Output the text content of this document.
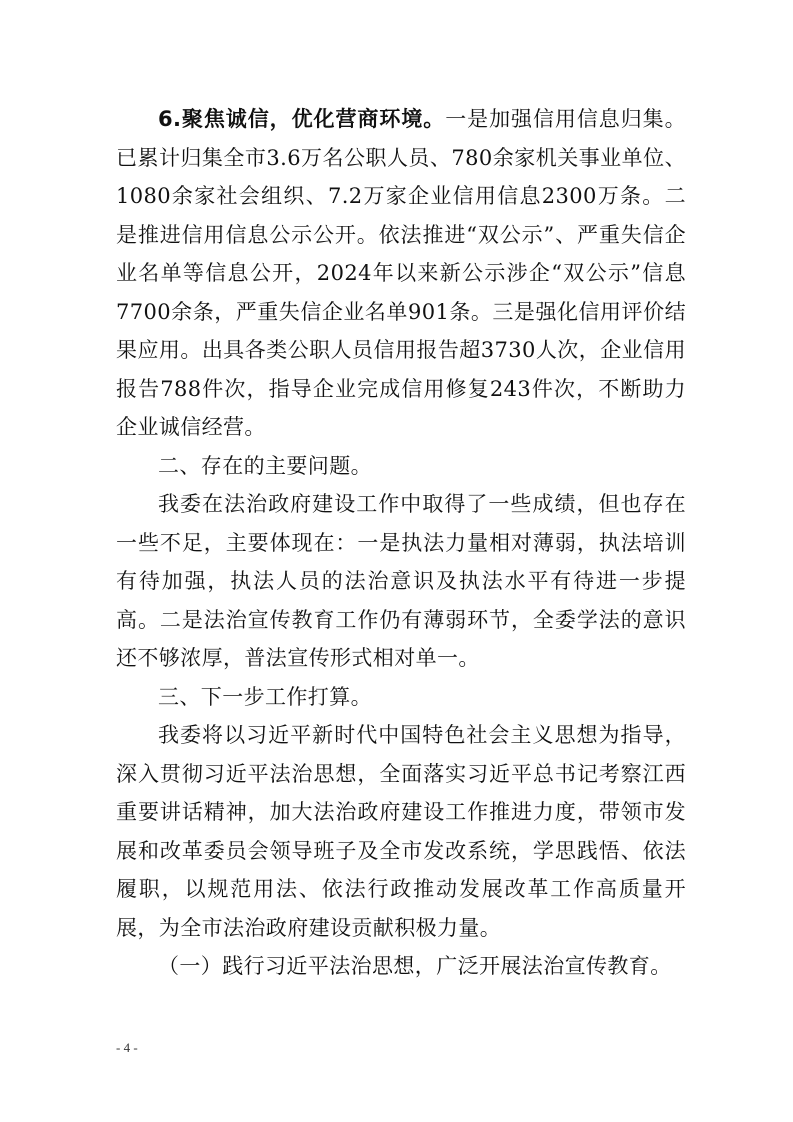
6.聚焦诚信，优化营商环境。一是加强信用信息归集。已累计归集全市3.6万名公职人员、780余家机关事业单位、1080余家社会组织、7.2万家企业信用信息2300万条。二是推进信用信息公示公开。依法推进“双公示”、严重失信企业名单等信息公开，2024年以来新公示涉企“双公示”信息7700余条，严重失信企业名单901条。三是强化信用评价结果应用。出具各类公职人员信用报告超3730人次，企业信用报告788件次，指导企业完成信用修复243件次，不断助力企业诚信经营。

二、存在的主要问题。

我委在法治政府建设工作中取得了一些成绩，但也存在一些不足，主要体现在：一是执法力量相对薄弱，执法培训有待加强，执法人员的法治意识及执法水平有待进一步提高。二是法治宣传教育工作仍有薄弱环节，全委学法的意识还不够浓厚，普法宣传形式相对单一。

三、下一步工作打算。

我委将以习近平新时代中国特色社会主义思想为指导，深入贯彻习近平法治思想，全面落实习近平总书记考察江西重要讲话精神，加大法治政府建设工作推进力度，带领市发展和改革委员会领导班子及全市发改系统，学思践悟、依法履职，以规范用法、依法行政推动发展改革工作高质量开展，为全市法治政府建设贡献积极力量。

（一）践行习近平法治思想，广泛开展法治宣传教育。

- 4 -
